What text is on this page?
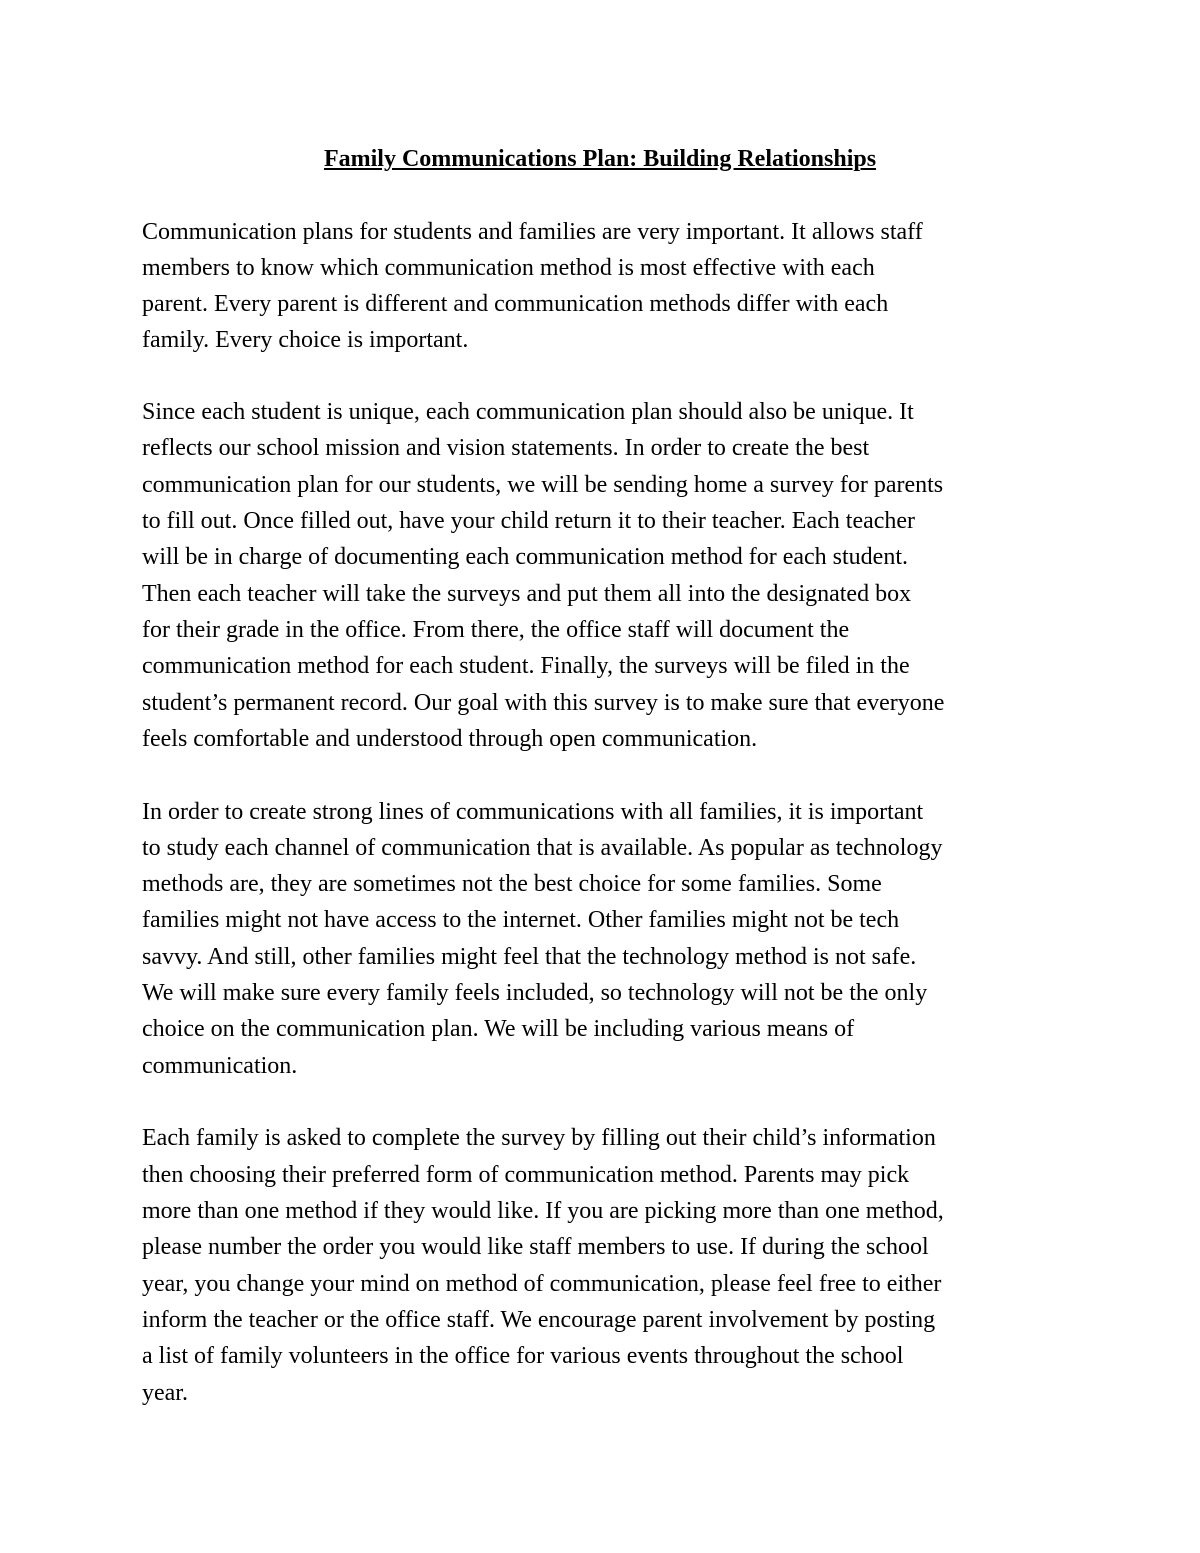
Family Communications Plan: Building Relationships

Communication plans for students and families are very important. It allows staff

members to know which communication method is most effective with each

parent. Every parent is different and communication methods differ with each

family. Every choice is important.

Since each student is unique, each communication plan should also be unique. It

reflects our school mission and vision statements. In order to create the best

communication plan for our students, we will be sending home a survey for parents

to fill out. Once filled out, have your child return it to their teacher. Each teacher

will be in charge of documenting each communication method for each student.

Then each teacher will take the surveys and put them all into the designated box

for their grade in the office. From there, the office staff will document the

communication method for each student. Finally, the surveys will be filed in the

student’s permanent record. Our goal with this survey is to make sure that everyone

feels comfortable and understood through open communication.

In order to create strong lines of communications with all families, it is important

to study each channel of communication that is available. As popular as technology

methods are, they are sometimes not the best choice for some families. Some

families might not have access to the internet. Other families might not be tech

savvy. And still, other families might feel that the technology method is not safe.

We will make sure every family feels included, so technology will not be the only

choice on the communication plan. We will be including various means of

communication.

Each family is asked to complete the survey by filling out their child’s information

then choosing their preferred form of communication method. Parents may pick

more than one method if they would like. If you are picking more than one method,

please number the order you would like staff members to use. If during the school

year, you change your mind on method of communication, please feel free to either

inform the teacher or the office staff. We encourage parent involvement by posting

a list of family volunteers in the office for various events throughout the school

year.
